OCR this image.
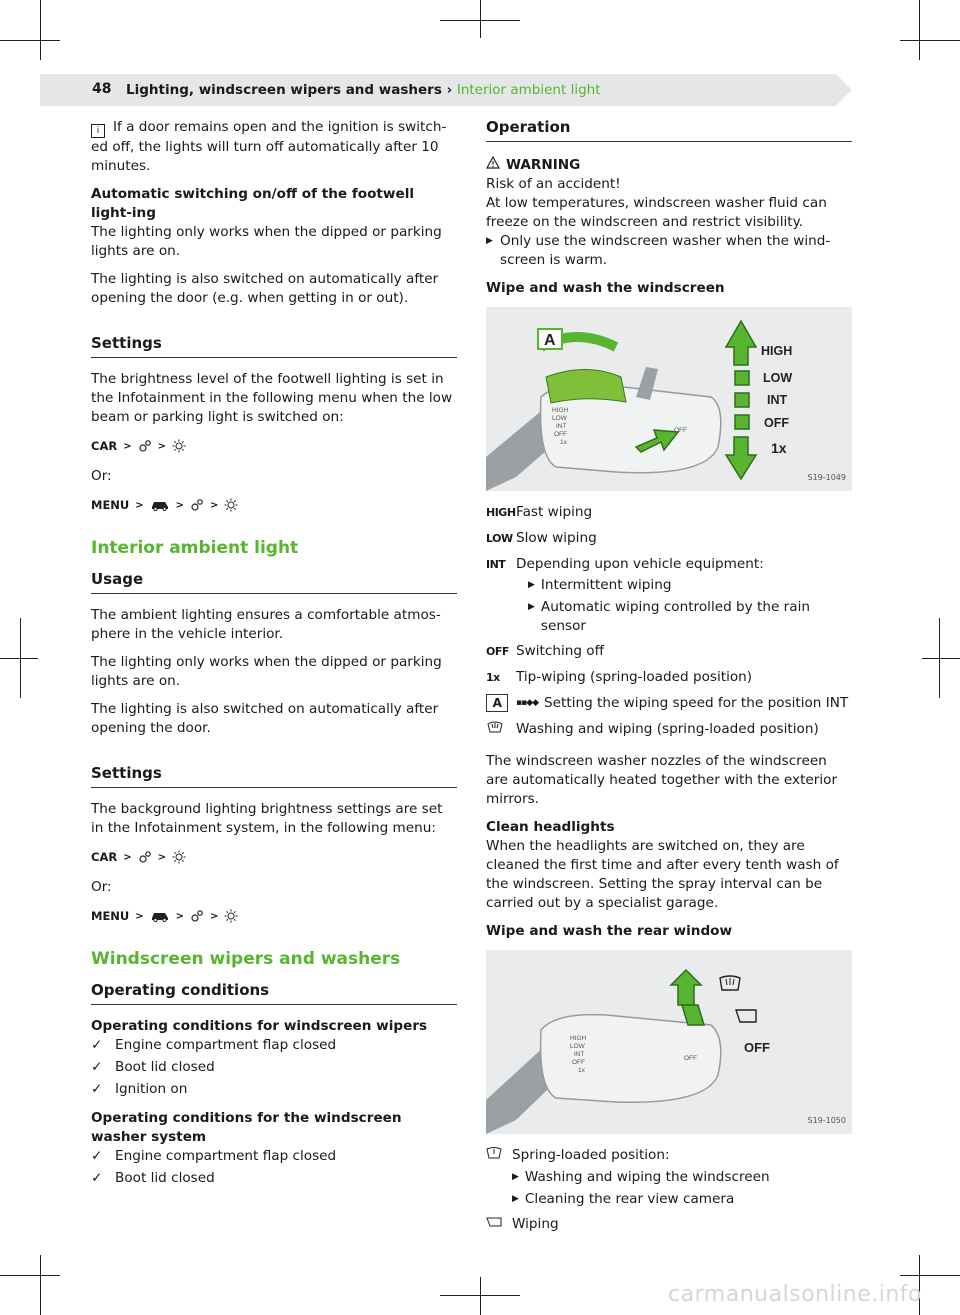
48 Lighting, windscreen wipers and washers › Interior ambient light

i If a door remains open and the ignition is switch-ed off, the lights will turn off automatically after 10 minutes.

Automatic switching on/off of the footwell light-ing

The lighting only works when the dipped or parking lights are on.

The lighting is also switched on automatically after opening the door (e.g. when getting in or out).

Settings

The brightness level of the footwell lighting is set in the Infotainment in the following menu when the low beam or parking light is switched on:

CAR >	>

Or:

MENU >	>	>
Interior ambient light
Usage

The ambient lighting ensures a comfortable atmos-phere in the vehicle interior.

The lighting only works when the dipped or parking lights are on.

The lighting is also switched on automatically after opening the door.

Settings

The background lighting brightness settings are set in the Infotainment system, in the following menu:

CAR >	>

Or:

MENU >	>	>
Windscreen wipers and washers
Operating conditions
Operating conditions for windscreen wipers
✓ Engine compartment flap closed
✓ Boot lid closed
✓ Ignition on
Operating conditions for the windscreen washer system
✓ Engine compartment flap closed
✓ Boot lid closed
Operation
WARNING
Risk of an accident!
At low temperatures, windscreen washer fluid can freeze on the windscreen and restrict visibility.
▶ Only use the windscreen washer when the wind-screen is warm.
Wipe and wash the windscreen
A
HIGH
LOW
INT
OFF
1x
HIGH
LOW
INT
OFF
1x
OFF
S19-1049
HIGH Fast wiping
LOW Slow wiping
INT Depending upon vehicle equipment:
▶ Intermittent wiping
▶ Automatic wiping controlled by the rain sensor
OFF Switching off
1x	Tip-wiping (spring-loaded position)
A	▪▪◆◆ Setting the wiping speed for the position INT
Washing and wiping (spring-loaded position)

The windscreen washer nozzles of the windscreen are automatically heated together with the exterior mirrors.

Clean headlights

When the headlights are switched on, they are cleaned the first time and after every tenth wash of the windscreen. Setting the spray interval can be carried out by a specialist garage.

Wipe and wash the rear window
OFF
HIGH
LOW
INT
OFF
1x
OFF
S19-1050
Spring-loaded position:
▶ Washing and wiping the windscreen
▶ Cleaning the rear view camera
Wiping
carmanualsonline.info
